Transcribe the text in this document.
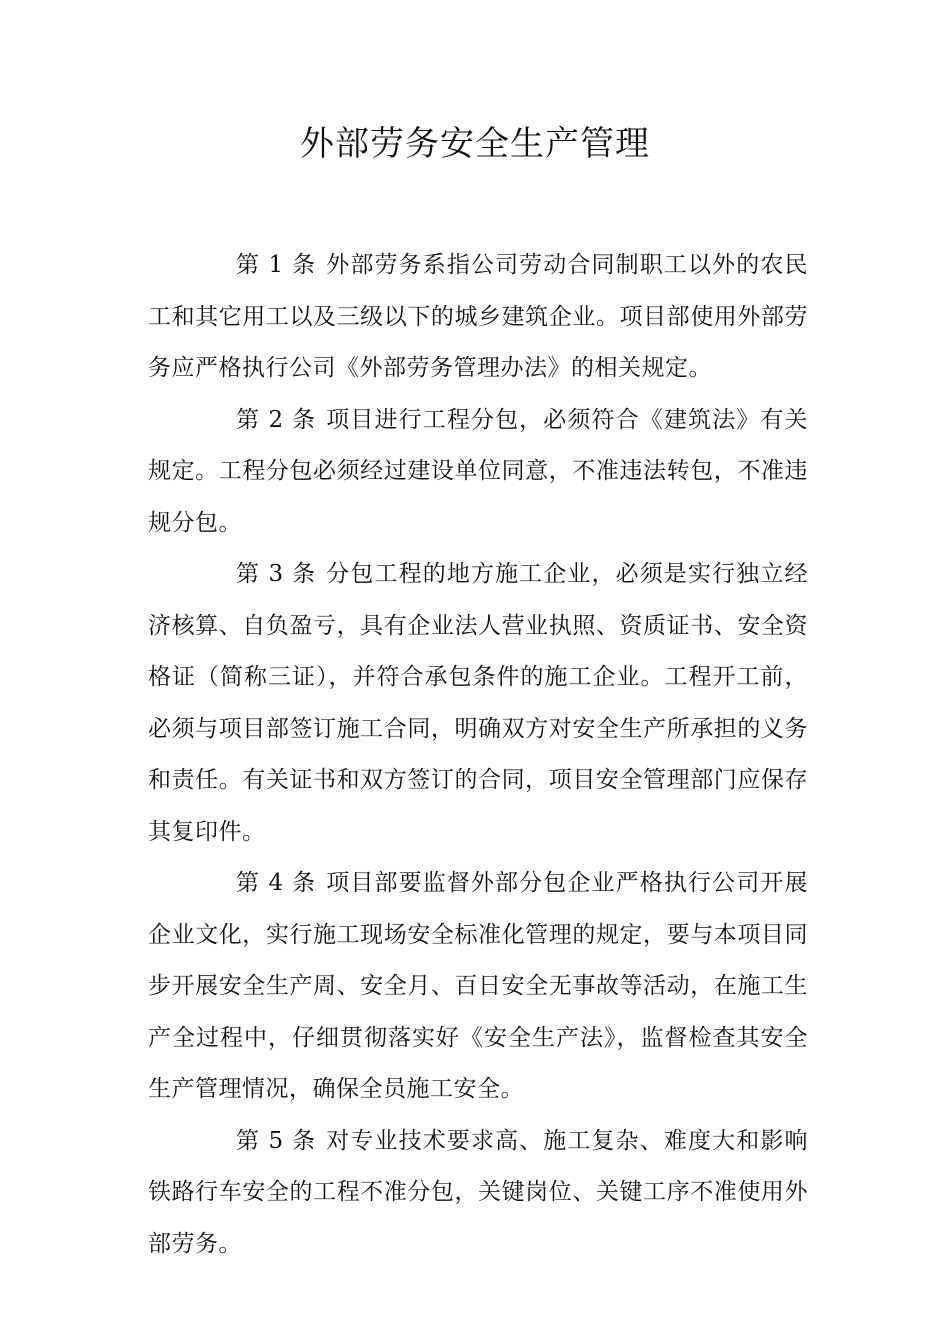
外部劳务安全生产管理

第 1 条 外部劳务系指公司劳动合同制职工以外的农民工和其它用工以及三级以下的城乡建筑企业。项目部使用外部劳务应严格执行公司《外部劳务管理办法》的相关规定。

第 2 条 项目进行工程分包，必须符合《建筑法》有关规定。工程分包必须经过建设单位同意，不准违法转包，不准违规分包。

第 3 条 分包工程的地方施工企业，必须是实行独立经济核算、自负盈亏，具有企业法人营业执照、资质证书、安全资格证（简称三证），并符合承包条件的施工企业。工程开工前，必须与项目部签订施工合同，明确双方对安全生产所承担的义务和责任。有关证书和双方签订的合同，项目安全管理部门应保存其复印件。

第 4 条 项目部要监督外部分包企业严格执行公司开展企业文化，实行施工现场安全标准化管理的规定，要与本项目同步开展安全生产周、安全月、百日安全无事故等活动，在施工生产全过程中，仔细贯彻落实好《安全生产法》，监督检查其安全生产管理情况，确保全员施工安全。

第 5 条 对专业技术要求高、施工复杂、难度大和影响铁路行车安全的工程不准分包，关键岗位、关键工序不准使用外部劳务。
